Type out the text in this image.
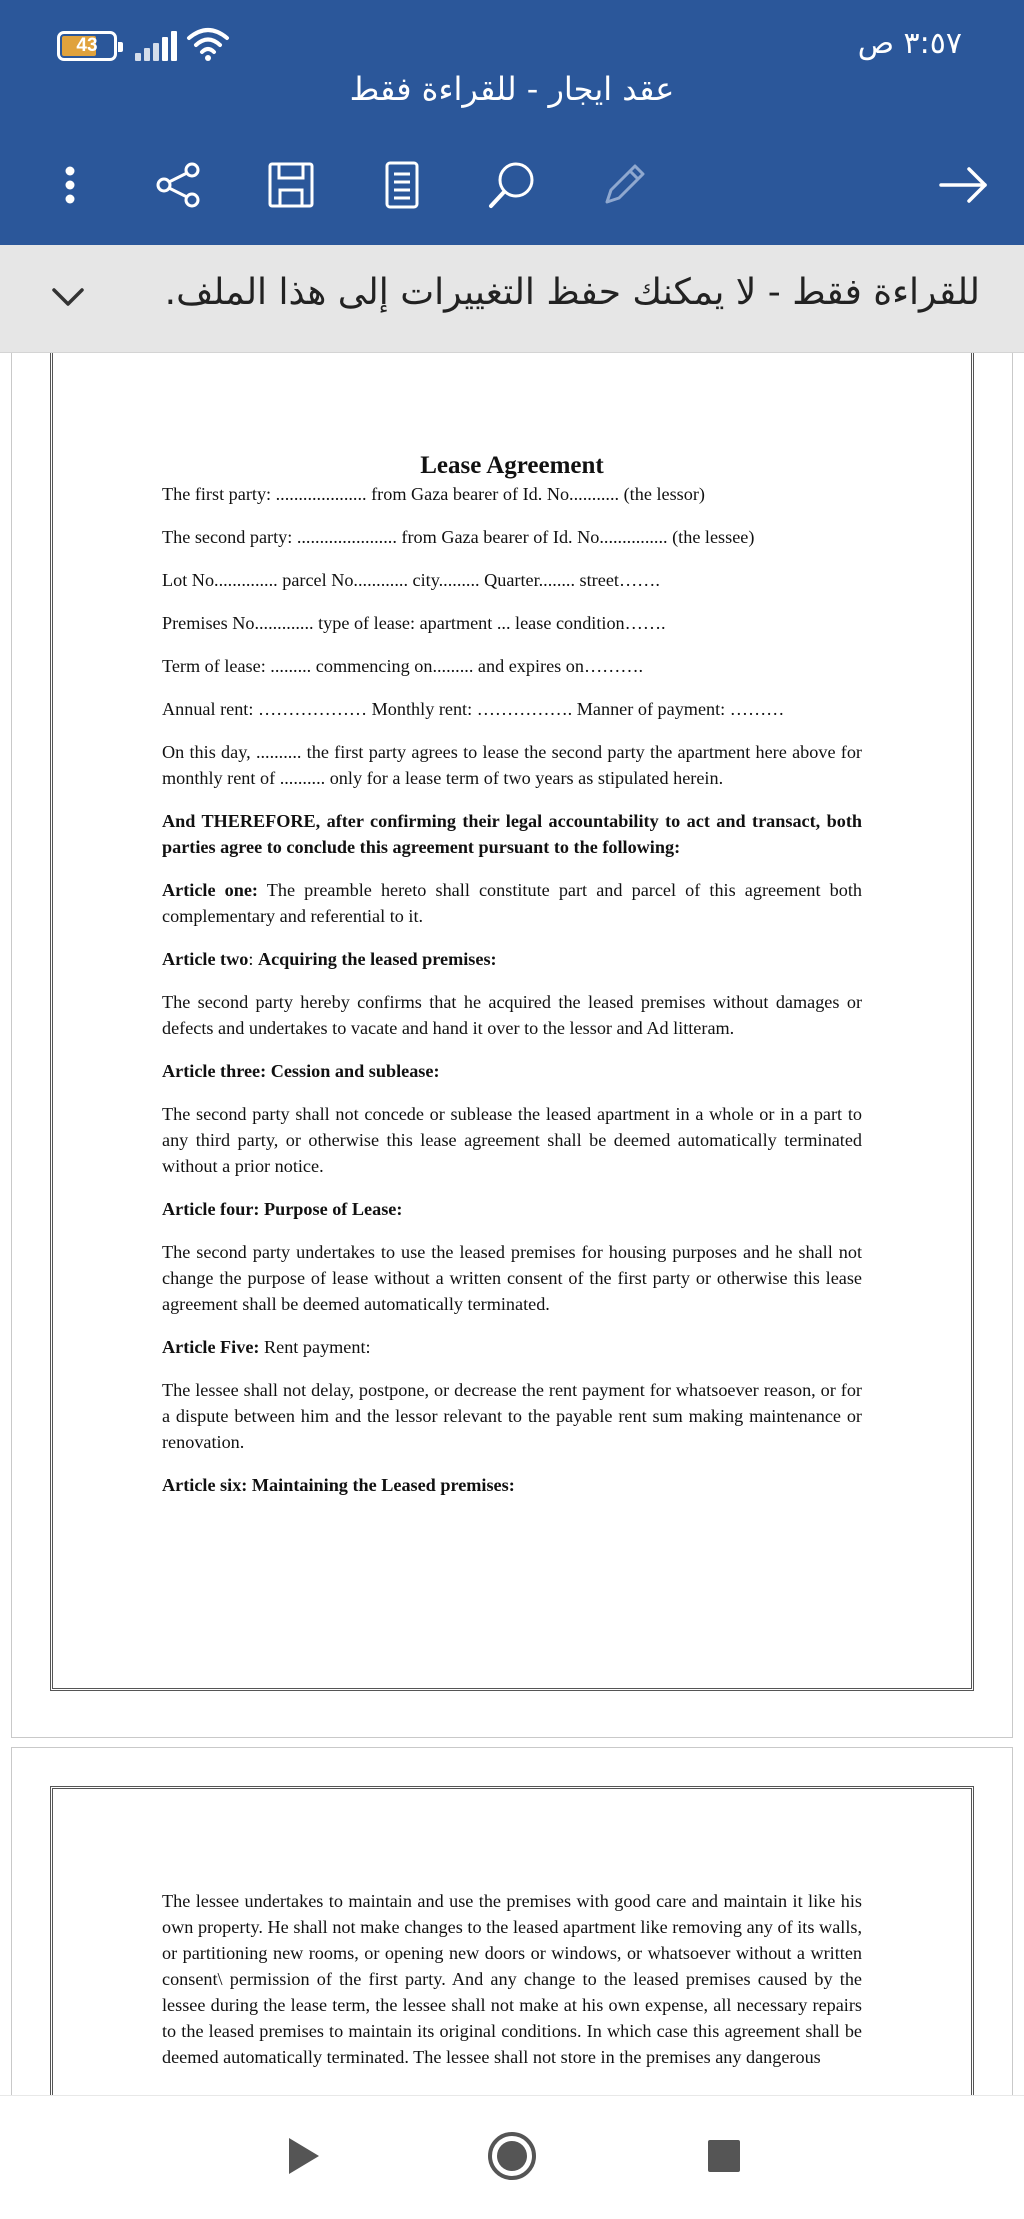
43	٣:٥٧ ص
عقد ايجار - للقراءة فقط
للقراءة فقط - لا يمكنك حفظ التغييرات إلى هذا الملف.
Lease Agreement

The first party: .................... from Gaza bearer of Id. No........... (the lessor)

The second party: ...................... from Gaza bearer of Id. No............... (the lessee)

Lot No.............. parcel No............ city......... Quarter........ street…….

Premises No............. type of lease: apartment ... lease condition…….

Term of lease: ......... commencing on......... and expires on……….

Annual rent: ……………… Monthly rent: ……………. Manner of payment: ………

On this day, .......... the first party agrees to lease the second party the apartment here above for monthly rent of .......... only for a lease term of two years as stipulated herein.

And THEREFORE, after confirming their legal accountability to act and transact, both parties agree to conclude this agreement pursuant to the following:

Article one: The preamble hereto shall constitute part and parcel of this agreement both complementary and referential to it.

Article two: Acquiring the leased premises:

The second party hereby confirms that he acquired the leased premises without damages or defects and undertakes to vacate and hand it over to the lessor and Ad litteram.

Article three: Cession and sublease:

The second party shall not concede or sublease the leased apartment in a whole or in a part to any third party, or otherwise this lease agreement shall be deemed automatically terminated without a prior notice.

Article four: Purpose of Lease:

The second party undertakes to use the leased premises for housing purposes and he shall not change the purpose of lease without a written consent of the first party or otherwise this lease agreement shall be deemed automatically terminated.

Article Five: Rent payment:

The lessee shall not delay, postpone, or decrease the rent payment for whatsoever reason, or for a dispute between him and the lessor relevant to the payable rent sum making maintenance or renovation.

Article six: Maintaining the Leased premises:

The lessee undertakes to maintain and use the premises with good care and maintain it like his own property. He shall not make changes to the leased apartment like removing any of its walls, or partitioning new rooms, or opening new doors or windows, or whatsoever without a written consent\ permission of the first party. And any change to the leased premises caused by the lessee during the lease term, the lessee shall not make at his own expense, all necessary repairs to the leased premises to maintain its original conditions. In which case this agreement shall be deemed automatically terminated. The lessee shall not store in the premises any dangerous
